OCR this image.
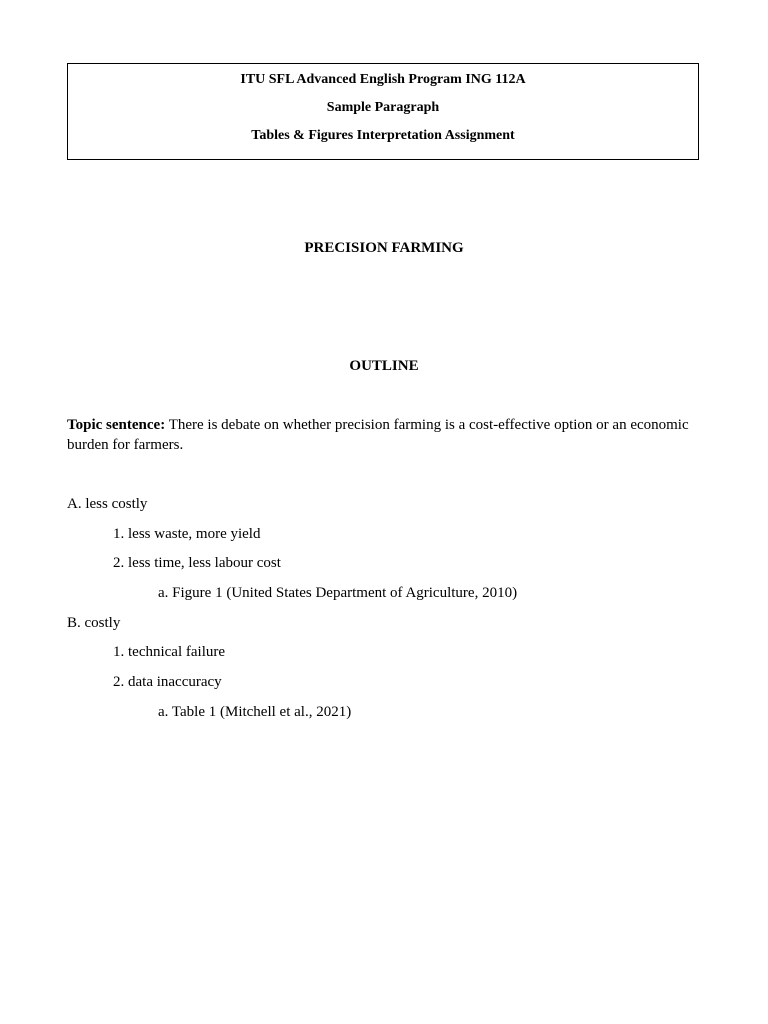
ITU SFL Advanced English Program ING 112A
Sample Paragraph
Tables & Figures Interpretation Assignment
PRECISION FARMING
OUTLINE
Topic sentence: There is debate on whether precision farming is a cost-effective option or an economic burden for farmers.
A. less costly
1. less waste, more yield
2. less time, less labour cost
a. Figure 1 (United States Department of Agriculture, 2010)
B. costly
1. technical failure
2. data inaccuracy
a. Table 1 (Mitchell et al., 2021)
